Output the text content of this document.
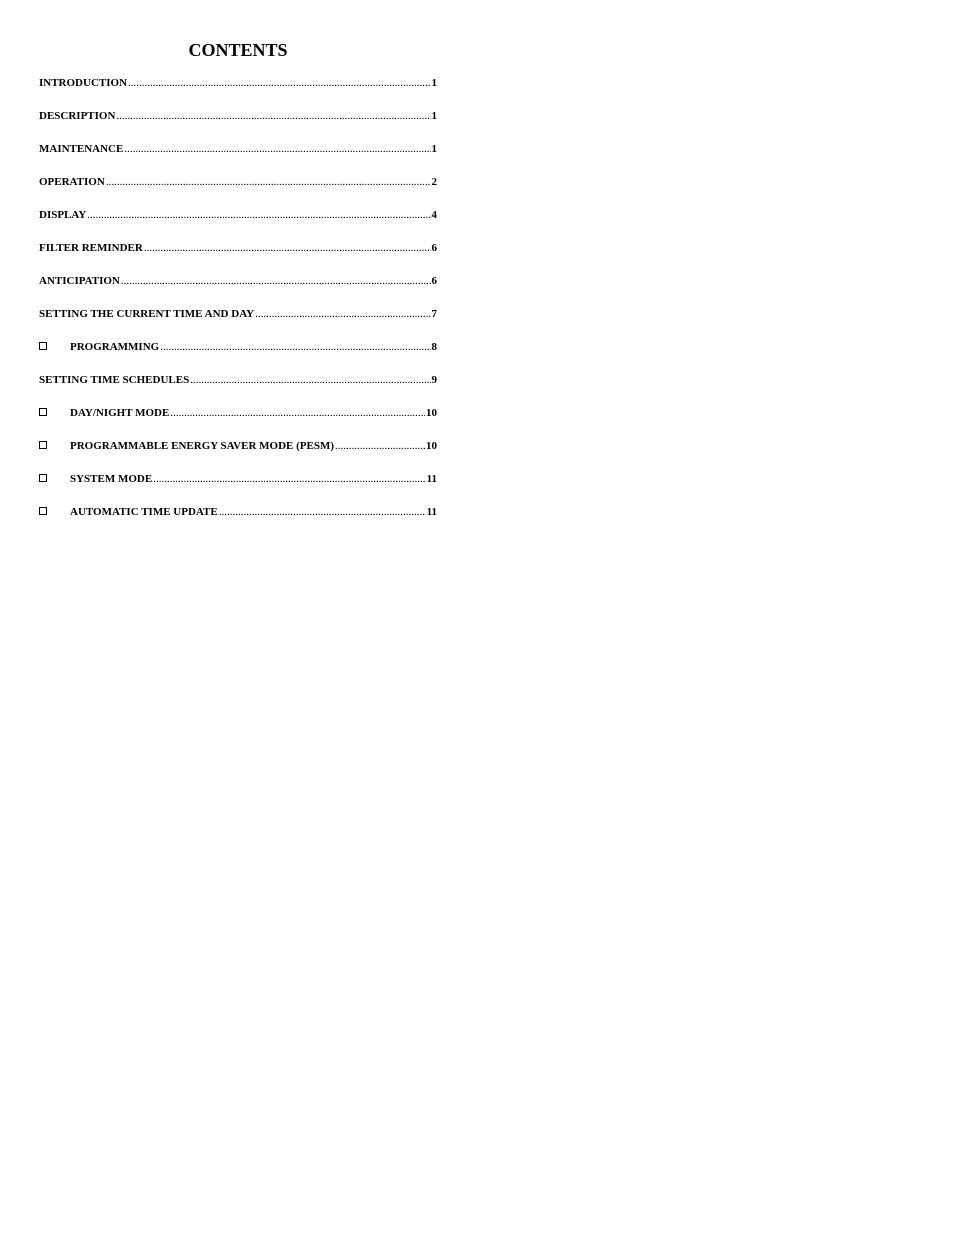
CONTENTS
INTRODUCTION .....	1
DESCRIPTION .....	1
MAINTENANCE .....	1
OPERATION .....	2
DISPLAY .....	4
FILTER REMINDER .....	6
ANTICIPATION .....	6
SETTING THE CURRENT TIME AND DAY .....	7
PROGRAMMING .....	8
SETTING TIME SCHEDULES .....	9
DAY/NIGHT MODE .....	10
PROGRAMMABLE ENERGY SAVER MODE (PESM) .....	10
SYSTEM MODE .....	11
AUTOMATIC TIME UPDATE .....	11
